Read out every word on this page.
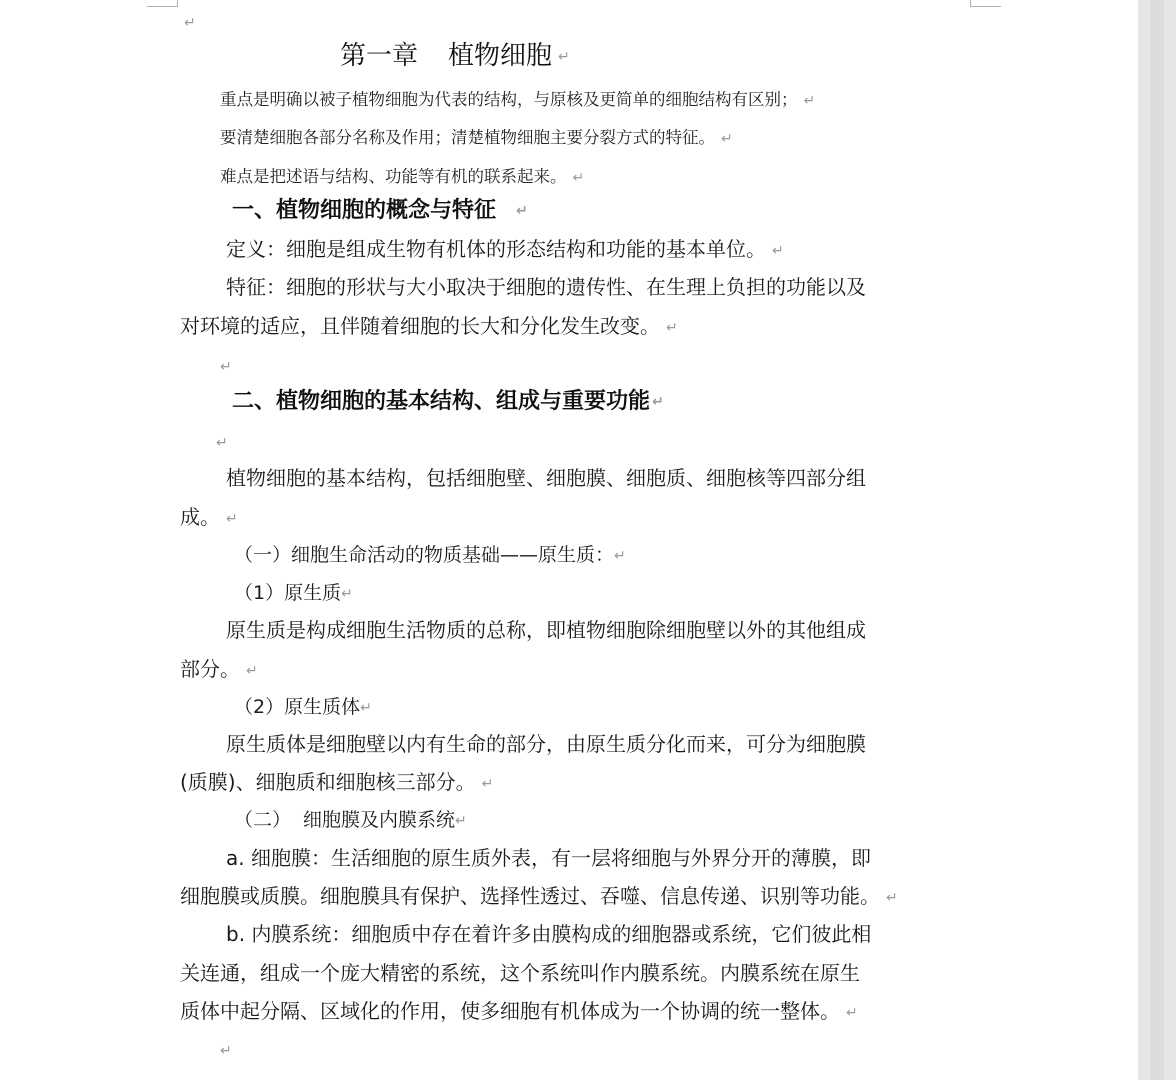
↵
第一章 植物细胞 ↵
重点是明确以被子植物细胞为代表的结构，与原核及更简单的细胞结构有区别； ↵
要清楚细胞各部分名称及作用；清楚植物细胞主要分裂方式的特征。 ↵
难点是把述语与结构、功能等有机的联系起来。 ↵
一、植物细胞的概念与特征 ↵
定义：细胞是组成生物有机体的形态结构和功能的基本单位。 ↵
特征：细胞的形状与大小取决于细胞的遗传性、在生理上负担的功能以及
对环境的适应，且伴随着细胞的长大和分化发生改变。 ↵
↵
二、植物细胞的基本结构、组成与重要功能 ↵
↵
植物细胞的基本结构，包括细胞壁、细胞膜、细胞质、细胞核等四部分组
成。 ↵
（一）细胞生命活动的物质基础——原生质：↵
（1）原生质↵
原生质是构成细胞生活物质的总称，即植物细胞除细胞壁以外的其他组成
部分。 ↵
（2）原生质体↵
原生质体是细胞壁以内有生命的部分，由原生质分化而来，可分为细胞膜
(质膜)、细胞质和细胞核三部分。 ↵
（二） 细胞膜及内膜系统↵
a. 细胞膜：生活细胞的原生质外表，有一层将细胞与外界分开的薄膜，即
细胞膜或质膜。细胞膜具有保护、选择性透过、吞噬、信息传递、识别等功能。 ↵
b. 内膜系统：细胞质中存在着许多由膜构成的细胞器或系统，它们彼此相
关连通，组成一个庞大精密的系统，这个系统叫作内膜系统。内膜系统在原生
质体中起分隔、区域化的作用，使多细胞有机体成为一个协调的统一整体。 ↵
↵
